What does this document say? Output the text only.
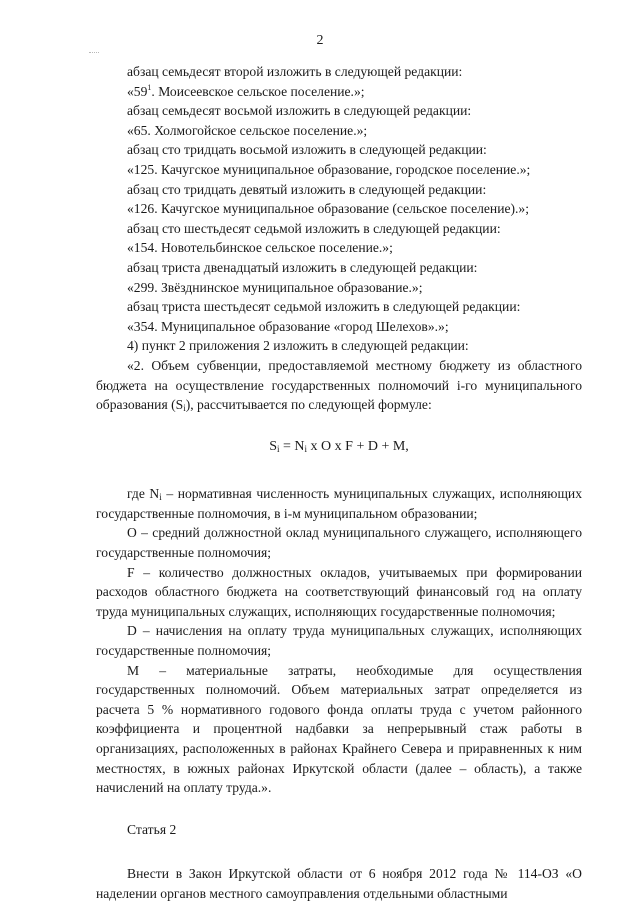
2

абзац семьдесят второй изложить в следующей редакции:

«$59^1$. Моисеевское сельское поселение.»;

абзац семьдесят восьмой изложить в следующей редакции:

«65. Холмогойское сельское поселение.»;

абзац сто тридцать восьмой изложить в следующей редакции:

«125. Качугское муниципальное образование, городское поселение.»;

абзац сто тридцать девятый изложить в следующей редакции:

«126. Качугское муниципальное образование (сельское поселение).»;

абзац сто шестьдесят седьмой изложить в следующей редакции:

«154. Новотельбинское сельское поселение.»;

абзац триста двенадцатый изложить в следующей редакции:

«299. Звёзднинское муниципальное образование.»;

абзац триста шестьдесят седьмой изложить в следующей редакции:

«354. Муниципальное образование «город Шелехов».»;

4) пункт 2 приложения 2 изложить в следующей редакции:

«2. Объем субвенции, предоставляемой местному бюджету из областного бюджета на осуществление государственных полномочий i-го муниципального образования $(S_i)$, рассчитывается по следующей формуле:

$S_i = N_i$ x O x F + D + M,

где $N_i$ – нормативная численность муниципальных служащих, исполняющих государственные полномочия, в i-м муниципальном образовании;

O – средний должностной оклад муниципального служащего, исполняющего государственные полномочия;

F – количество должностных окладов, учитываемых при формировании расходов областного бюджета на соответствующий финансовый год на оплату труда муниципальных служащих, исполняющих государственные полномочия;

D – начисления на оплату труда муниципальных служащих, исполняющих государственные полномочия;

M – материальные затраты, необходимые для осуществления государственных полномочий. Объем материальных затрат определяется из расчета 5 % нормативного годового фонда оплаты труда с учетом районного коэффициента и процентной надбавки за непрерывный стаж работы в организациях, расположенных в районах Крайнего Севера и приравненных к ним местностях, в южных районах Иркутской области (далее – область), а также начислений на оплату труда.».

Статья 2

Внести в Закон Иркутской области от 6 ноября 2012 года № 114-ОЗ «О наделении органов местного самоуправления отдельными областными
